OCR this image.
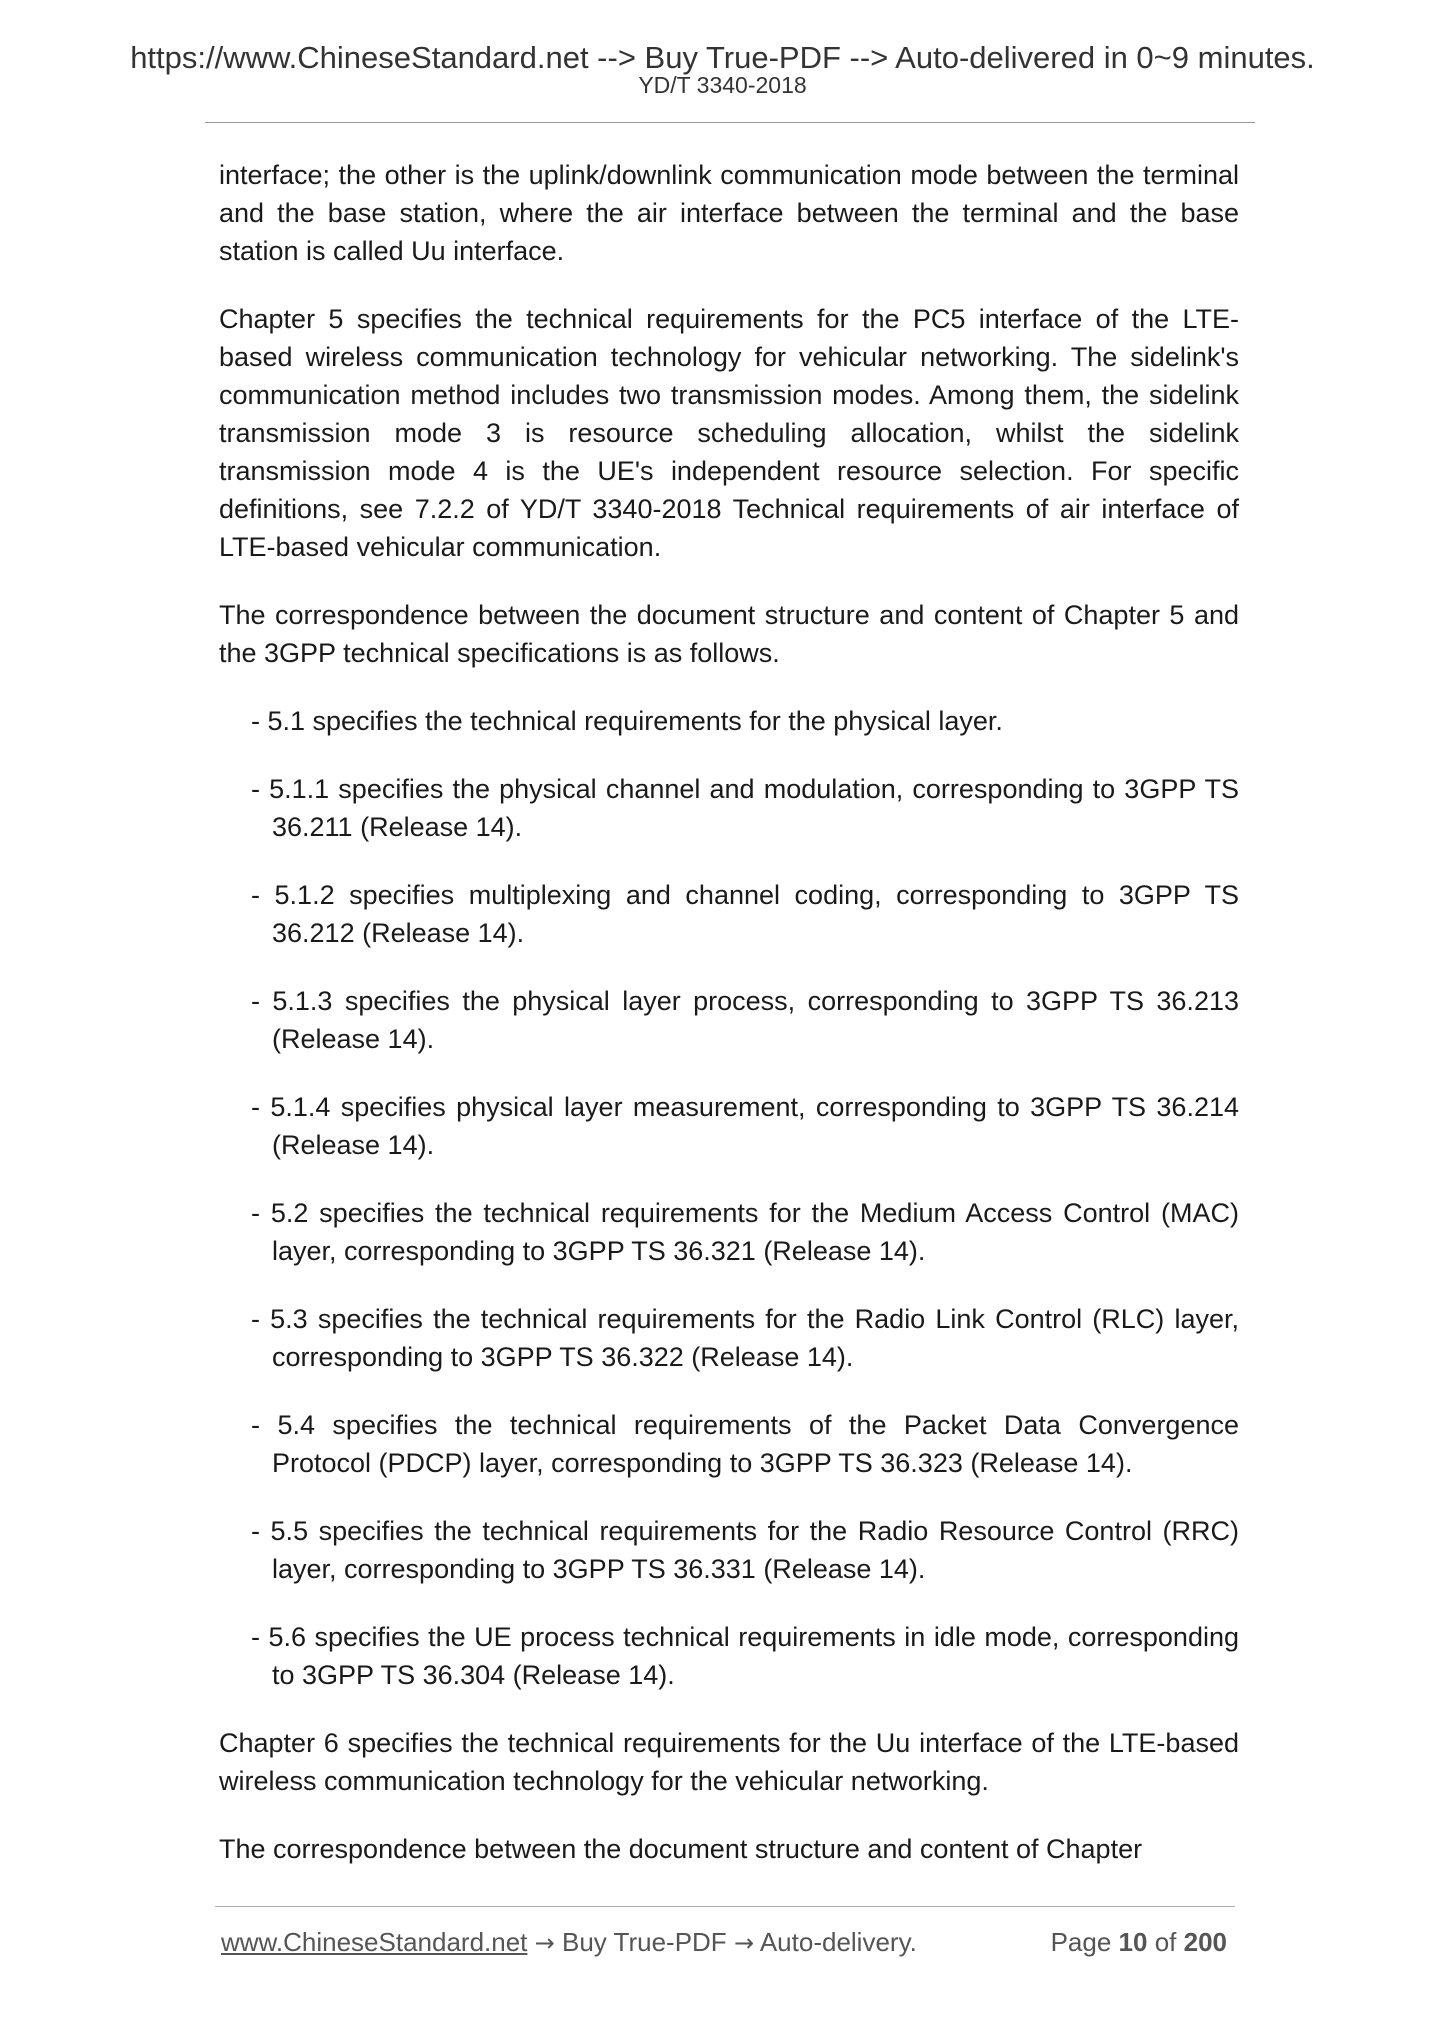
https://www.ChineseStandard.net --> Buy True-PDF --> Auto-delivered in 0~9 minutes.
YD/T 3340-2018

interface; the other is the uplink/downlink communication mode between the terminal and the base station, where the air interface between the terminal and the base station is called Uu interface.

Chapter 5 specifies the technical requirements for the PC5 interface of the LTE-based wireless communication technology for vehicular networking. The sidelink's communication method includes two transmission modes. Among them, the sidelink transmission mode 3 is resource scheduling allocation, whilst the sidelink transmission mode 4 is the UE's independent resource selection. For specific definitions, see 7.2.2 of YD/T 3340-2018 Technical requirements of air interface of LTE-based vehicular communication.

The correspondence between the document structure and content of Chapter 5 and the 3GPP technical specifications is as follows.

- 5.1 specifies the technical requirements for the physical layer.
- 5.1.1 specifies the physical channel and modulation, corresponding to 3GPP TS 36.211 (Release 14).
- 5.1.2 specifies multiplexing and channel coding, corresponding to 3GPP TS 36.212 (Release 14).
- 5.1.3 specifies the physical layer process, corresponding to 3GPP TS 36.213 (Release 14).
- 5.1.4 specifies physical layer measurement, corresponding to 3GPP TS 36.214 (Release 14).
- 5.2 specifies the technical requirements for the Medium Access Control (MAC) layer, corresponding to 3GPP TS 36.321 (Release 14).
- 5.3 specifies the technical requirements for the Radio Link Control (RLC) layer, corresponding to 3GPP TS 36.322 (Release 14).
- 5.4 specifies the technical requirements of the Packet Data Convergence Protocol (PDCP) layer, corresponding to 3GPP TS 36.323 (Release 14).
- 5.5 specifies the technical requirements for the Radio Resource Control (RRC) layer, corresponding to 3GPP TS 36.331 (Release 14).
- 5.6 specifies the UE process technical requirements in idle mode, corresponding to 3GPP TS 36.304 (Release 14).

Chapter 6 specifies the technical requirements for the Uu interface of the LTE-based wireless communication technology for the vehicular networking.

The correspondence between the document structure and content of Chapter

www.ChineseStandard.net → Buy True-PDF → Auto-delivery.	Page 10 of 200
